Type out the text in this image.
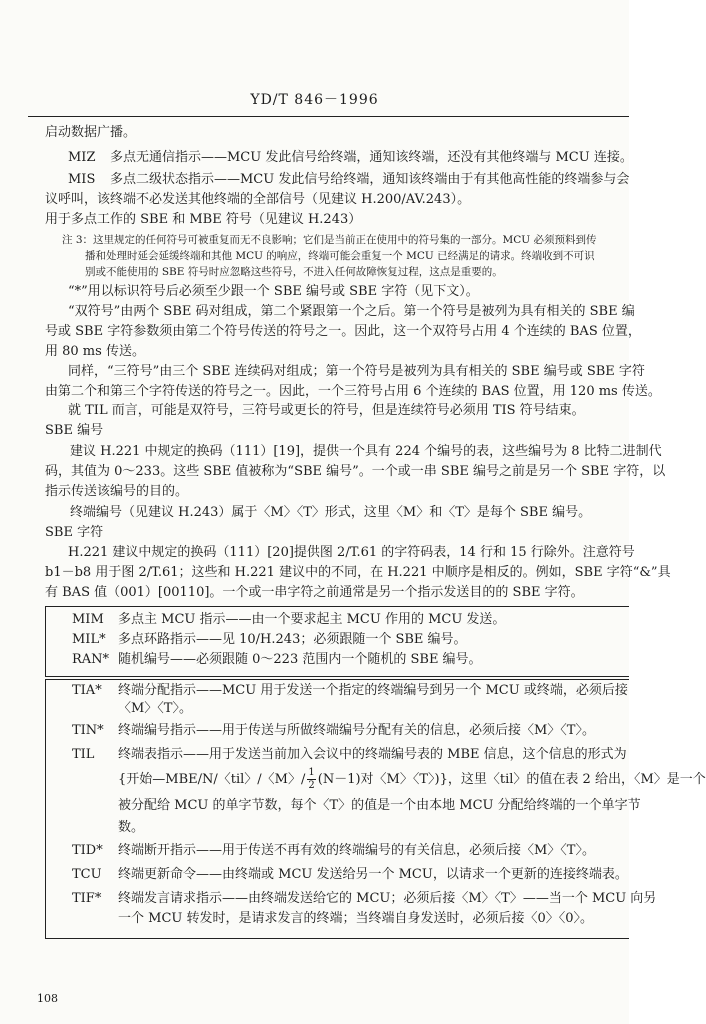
YD/T 846－1996
启动数据广播。
MIZ 多点无通信指示——MCU 发此信号给终端，通知该终端，还没有其他终端与 MCU 连接。
MIS 多点二级状态指示——MCU 发此信号给终端，通知该终端由于有其他高性能的终端参与会
议呼叫，该终端不必发送其他终端的全部信号（见建议 H.200/AV.243）。
用于多点工作的 SBE 和 MBE 符号（见建议 H.243）
注 3：这里规定的任何符号可被重复而无不良影响；它们是当前正在使用中的符号集的一部分。MCU 必须预料到传
播和处理时延会延缓终端和其他 MCU 的响应，终端可能会重复一个 MCU 已经满足的请求。终端收到不可识
别或不能使用的 SBE 符号时应忽略这些符号，不进入任何故障恢复过程，这点是重要的。
“*”用以标识符号后必须至少跟一个 SBE 编号或 SBE 字符（见下文）。
“双符号”由两个 SBE 码对组成，第二个紧跟第一个之后。第一个符号是被列为具有相关的 SBE 编
号或 SBE 字符参数须由第二个符号传送的符号之一。因此，这一个双符号占用 4 个连续的 BAS 位置，
用 80 ms 传送。
同样，“三符号”由三个 SBE 连续码对组成；第一个符号是被列为具有相关的 SBE 编号或 SBE 字符
由第二个和第三个字符传送的符号之一。因此，一个三符号占用 6 个连续的 BAS 位置，用 120 ms 传送。
就 TIL 而言，可能是双符号，三符号或更长的符号，但是连续符号必须用 TIS 符号结束。
SBE 编号
建议 H.221 中规定的换码（111）[19]，提供一个具有 224 个编号的表，这些编号为 8 比特二进制代
码，其值为 0～233。这些 SBE 值被称为“SBE 编号”。一个或一串 SBE 编号之前是另一个 SBE 字符，以
指示传送该编号的目的。
终端编号（见建议 H.243）属于〈M〉〈T〉形式，这里〈M〉和〈T〉是每个 SBE 编号。
SBE 字符
H.221 建议中规定的换码（111）[20]提供图 2/T.61 的字符码表，14 行和 15 行除外。注意符号
b1－b8 用于图 2/T.61；这些和 H.221 建议中的不同，在 H.221 中顺序是相反的。例如，SBE 字符“&”具
有 BAS 值（001）[00110]。一个或一串字符之前通常是另一个指示发送目的的 SBE 字符。
MIM 多点主 MCU 指示——由一个要求起主 MCU 作用的 MCU 发送。
MIL* 多点环路指示——见 10/H.243；必须跟随一个 SBE 编号。
RAN* 随机编号——必须跟随 0～223 范围内一个随机的 SBE 编号。
TIA* 终端分配指示——MCU 用于发送一个指定的终端编号到另一个 MCU 或终端，必须后接
〈M〉〈T〉。
TIN* 终端编号指示——用于传送与所做终端编号分配有关的信息，必须后接〈M〉〈T〉。
TIL 终端表指示——用于发送当前加入会议中的终端编号表的 MBE 信息，这个信息的形式为
{开始—MBE/N/〈til〉/〈M〉/ $\frac{1}{2} (N-1)$对〈M〉〈T〉)}，这里〈til〉的值在表 2 给出，〈M〉是一个
被分配给 MCU 的单字节数，每个〈T〉的值是一个由本地 MCU 分配给终端的一个单字节
数。
TID* 终端断开指示——用于传送不再有效的终端编号的有关信息，必须后接〈M〉〈T〉。
TCU 终端更新命令——由终端或 MCU 发送给另一个 MCU，以请求一个更新的连接终端表。
TIF* 终端发言请求指示——由终端发送给它的 MCU；必须后接〈M〉〈T〉——当一个 MCU 向另
一个 MCU 转发时，是请求发言的终端；当终端自身发送时，必须后接〈0〉〈0〉。
108
